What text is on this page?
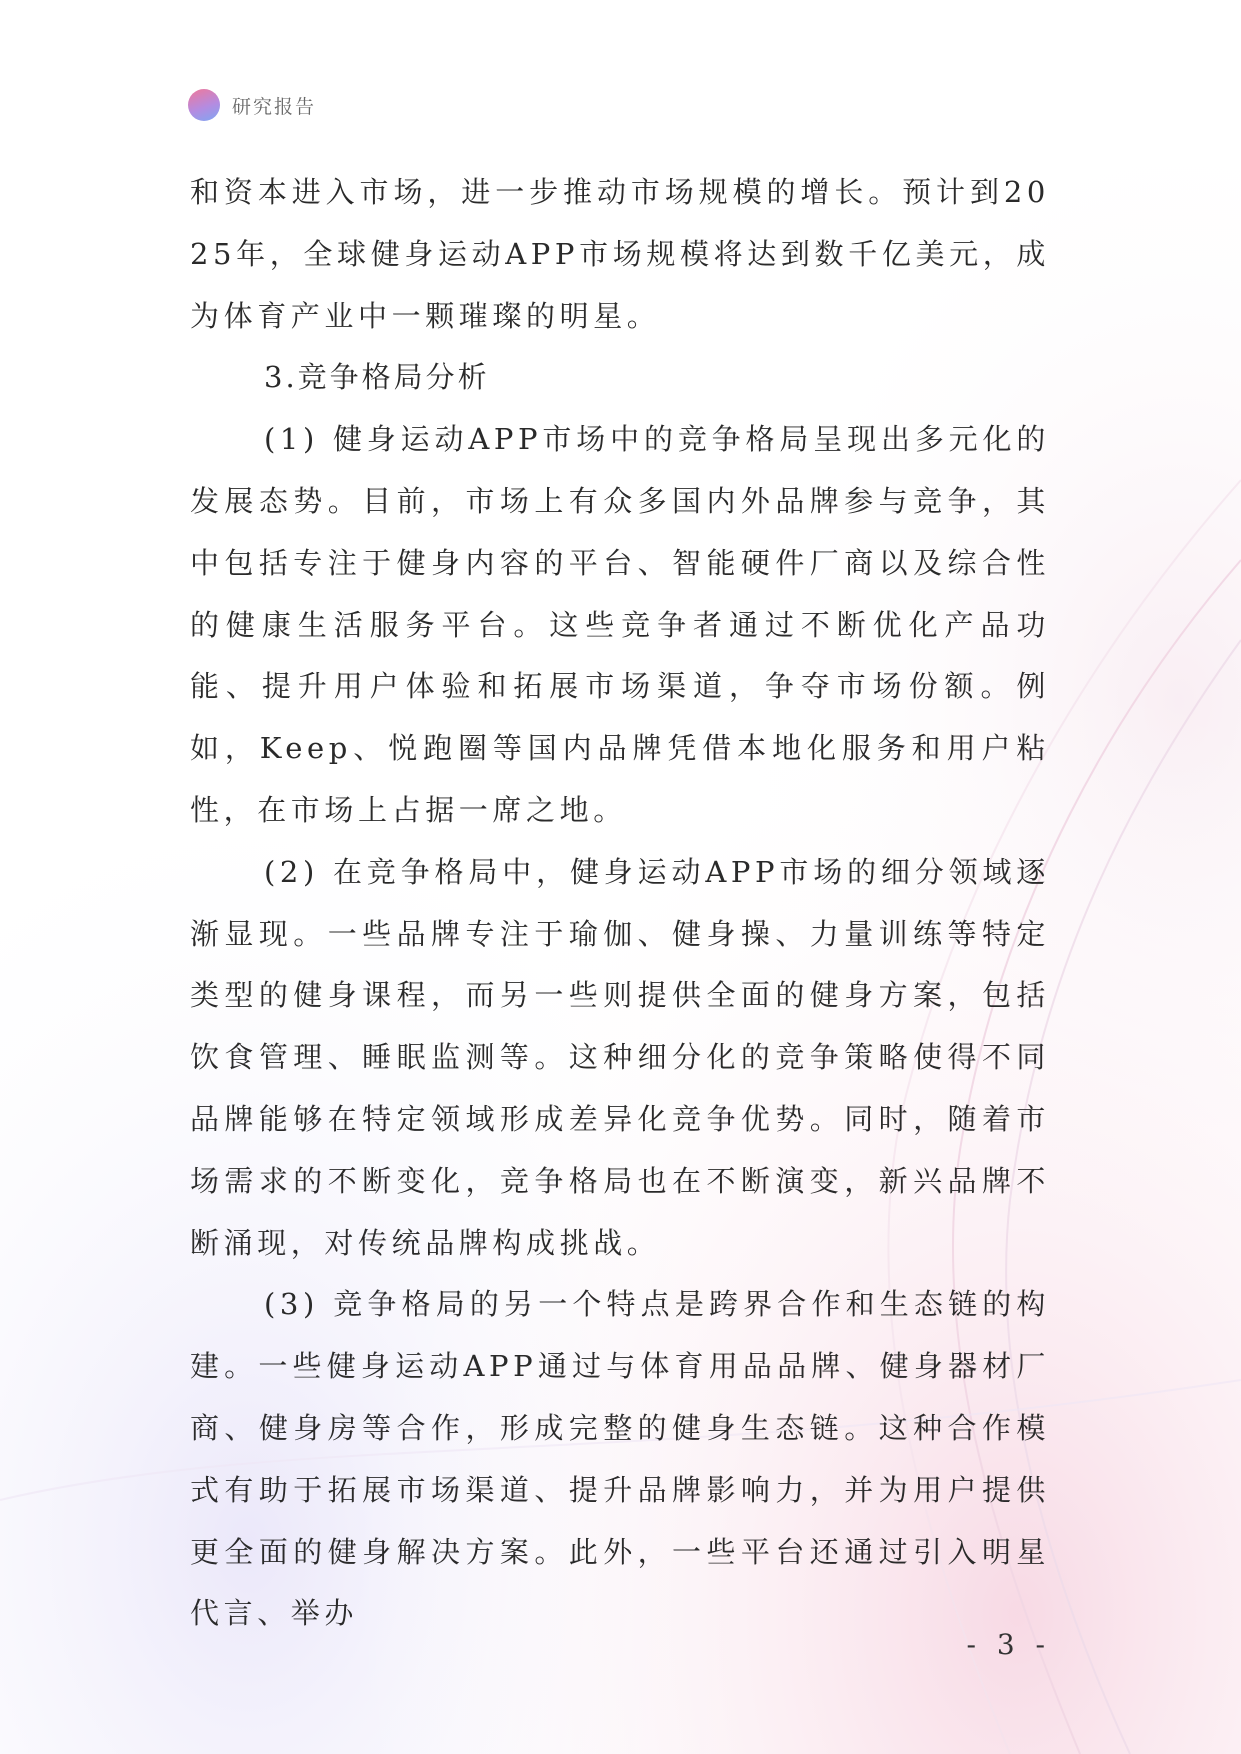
研究报告

和资本进入市场，进一步推动市场规模的增长。预计到2025年，全球健身运动APP市场规模将达到数千亿美元，成为体育产业中一颗璀璨的明星。

3.竞争格局分析

(1) 健身运动APP市场中的竞争格局呈现出多元化的发展态势。目前，市场上有众多国内外品牌参与竞争，其中包括专注于健身内容的平台、智能硬件厂商以及综合性的健康生活服务平台。这些竞争者通过不断优化产品功能、提升用户体验和拓展市场渠道，争夺市场份额。例如，Keep、悦跑圈等国内品牌凭借本地化服务和用户粘性，在市场上占据一席之地。

(2) 在竞争格局中，健身运动APP市场的细分领域逐渐显现。一些品牌专注于瑜伽、健身操、力量训练等特定类型的健身课程，而另一些则提供全面的健身方案，包括饮食管理、睡眠监测等。这种细分化的竞争策略使得不同品牌能够在特定领域形成差异化竞争优势。同时，随着市场需求的不断变化，竞争格局也在不断演变，新兴品牌不断涌现，对传统品牌构成挑战。

(3) 竞争格局的另一个特点是跨界合作和生态链的构建。一些健身运动APP通过与体育用品品牌、健身器材厂商、健身房等合作，形成完整的健身生态链。这种合作模式有助于拓展市场渠道、提升品牌影响力，并为用户提供更全面的健身解决方案。此外，一些平台还通过引入明星代言、举办

- 3 -
